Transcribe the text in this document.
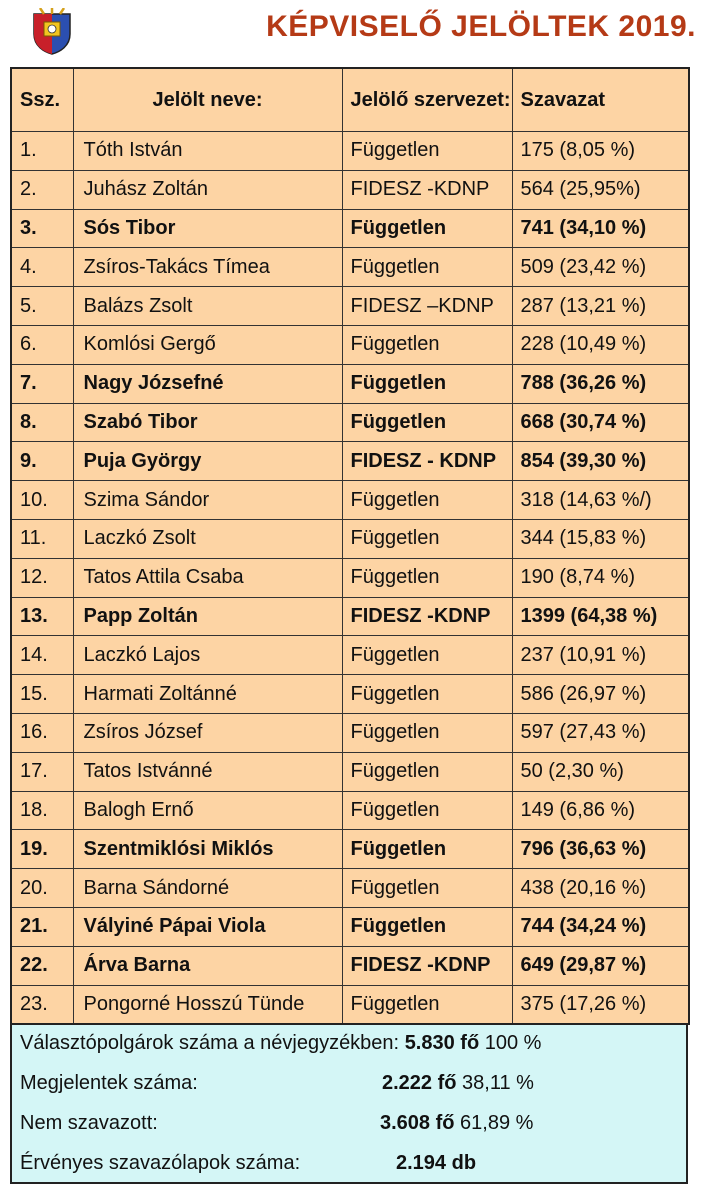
KÉPVISELŐ JELÖLTEK 2019.
Ssz.	Jelölt neve:	Jelölő szervezet:	Szavazat
1.	Tóth István	Független	175 (8,05 %)
2.	Juhász Zoltán	FIDESZ -KDNP	564 (25,95%)
3.	Sós Tibor	Független	741 (34,10 %)
4.	Zsíros-Takács Tímea	Független	509 (23,42 %)
5.	Balázs Zsolt	FIDESZ –KDNP	287 (13,21 %)
6.	Komlósi Gergő	Független	228 (10,49 %)
7.	Nagy Józsefné	Független	788 (36,26 %)
8.	Szabó Tibor	Független	668 (30,74 %)
9.	Puja György	FIDESZ - KDNP	854 (39,30 %)
10.	Szima Sándor	Független	318 (14,63 %/)
11.	Laczkó Zsolt	Független	344 (15,83 %)
12.	Tatos Attila Csaba	Független	190 (8,74 %)
13.	Papp Zoltán	FIDESZ -KDNP	1399 (64,38 %)
14.	Laczkó Lajos	Független	237 (10,91 %)
15.	Harmati Zoltánné	Független	586 (26,97 %)
16.	Zsíros József	Független	597 (27,43 %)
17.	Tatos Istvánné	Független	50 (2,30 %)
18.	Balogh Ernő	Független	149 (6,86 %)
19.	Szentmiklósi Miklós	Független	796 (36,63 %)
20.	Barna Sándorné	Független	438 (20,16 %)
21.	Vályiné Pápai Viola	Független	744 (34,24 %)
22.	Árva Barna	FIDESZ -KDNP	649 (29,87 %)
23.	Pongorné Hosszú Tünde	Független	375 (17,26 %)
Választópolgárok száma a névjegyzékben: 5.830 fő 100 %
Megjelentek száma:	2.222 fő 38,11 %
Nem szavazott:	3.608 fő 61,89 %
Érvényes szavazólapok száma:	2.194 db
